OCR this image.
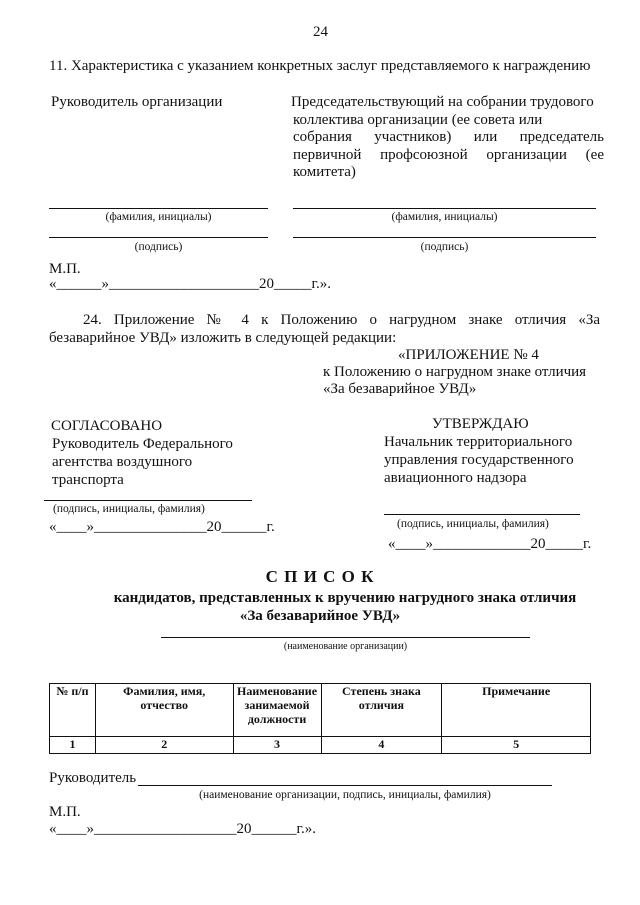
24
11. Характеристика с указанием конкретных заслуг представляемого к награждению
Руководитель организации	Председательствующий на собрании трудового
коллектива организации (ее совета или
собрания участников) или председатель
первичной профсоюзной организации (ее
комитета)
(фамилия, инициалы)	(фамилия, инициалы)
(подпись)	(подпись)
М.П.
«______»____________________20_____г.».
24. Приложение № 4 к Положению о нагрудном знаке отличия «За
безаварийное УВД» изложить в следующей редакции:
«ПРИЛОЖЕНИЕ № 4
к Положению о нагрудном знаке отличия
«За безаварийное УВД»
СОГЛАСОВАНО
Руководитель Федерального
агентства воздушного
транспорта
(подпись, инициалы, фамилия)
«____»_______________20______г.
УТВЕРЖДАЮ
Начальник территориального
управления государственного
авиационного надзора
(подпись, инициалы, фамилия)
«____»_____________20_____г.
С П И С О К
кандидатов, представленных к вручению нагрудного знака отличия
«За безаварийное УВД»
(наименование организации)
№ п/п	Фамилия, имя, отчество	Наименование занимаемой должности	Степень знака отличия	Примечание
1	2	3	4	5
Руководитель
(наименование организации, подпись, инициалы, фамилия)
М.П.
«____»___________________20______г.».
